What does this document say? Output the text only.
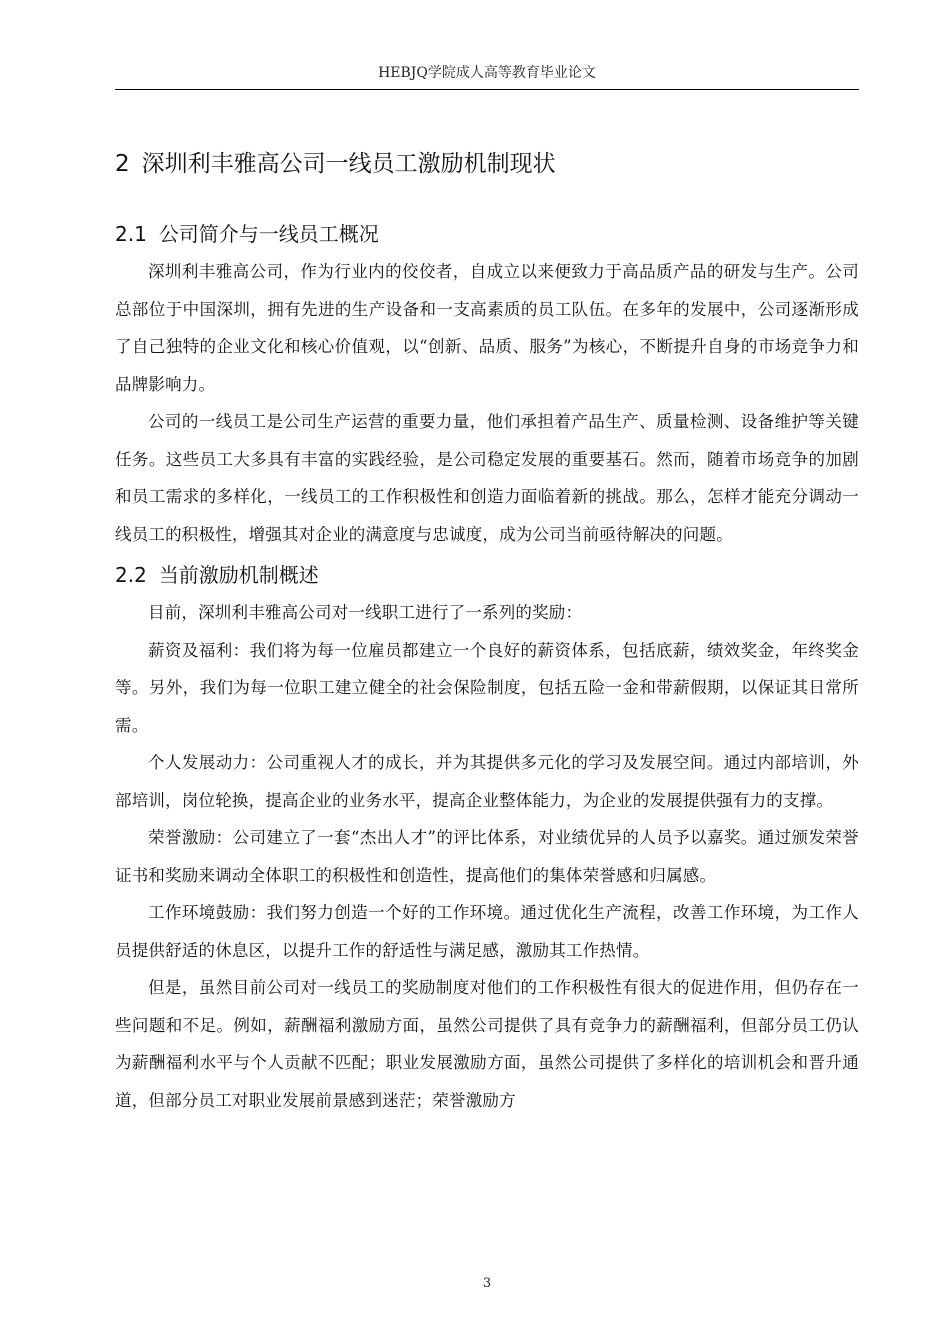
HEBJQ学院成人高等教育毕业论文
2 深圳利丰雅高公司一线员工激励机制现状
2.1 公司简介与一线员工概况

深圳利丰雅高公司，作为行业内的佼佼者，自成立以来便致力于高品质产品的研发与生产。公司总部位于中国深圳，拥有先进的生产设备和一支高素质的员工队伍。在多年的发展中，公司逐渐形成了自己独特的企业文化和核心价值观，以“创新、品质、服务”为核心，不断提升自身的市场竞争力和品牌影响力。

公司的一线员工是公司生产运营的重要力量，他们承担着产品生产、质量检测、设备维护等关键任务。这些员工大多具有丰富的实践经验，是公司稳定发展的重要基石。然而，随着市场竞争的加剧和员工需求的多样化，一线员工的工作积极性和创造力面临着新的挑战。那么，怎样才能充分调动一线员工的积极性，增强其对企业的满意度与忠诚度，成为公司当前亟待解决的问题。

2.2 当前激励机制概述

目前，深圳利丰雅高公司对一线职工进行了一系列的奖励：

薪资及福利：我们将为每一位雇员都建立一个良好的薪资体系，包括底薪，绩效奖金，年终奖金等。另外，我们为每一位职工建立健全的社会保险制度，包括五险一金和带薪假期，以保证其日常所需。

个人发展动力：公司重视人才的成长，并为其提供多元化的学习及发展空间。通过内部培训，外部培训，岗位轮换，提高企业的业务水平，提高企业整体能力，为企业的发展提供强有力的支撑。

荣誉激励：公司建立了一套“杰出人才”的评比体系，对业绩优异的人员予以嘉奖。通过颁发荣誉证书和奖励来调动全体职工的积极性和创造性，提高他们的集体荣誉感和归属感。

工作环境鼓励：我们努力创造一个好的工作环境。通过优化生产流程，改善工作环境，为工作人员提供舒适的休息区，以提升工作的舒适性与满足感，激励其工作热情。

但是，虽然目前公司对一线员工的奖励制度对他们的工作积极性有很大的促进作用，但仍存在一些问题和不足。例如，薪酬福利激励方面，虽然公司提供了具有竞争力的薪酬福利，但部分员工仍认为薪酬福利水平与个人贡献不匹配；职业发展激励方面，虽然公司提供了多样化的培训机会和晋升通道，但部分员工对职业发展前景感到迷茫；荣誉激励方

3
